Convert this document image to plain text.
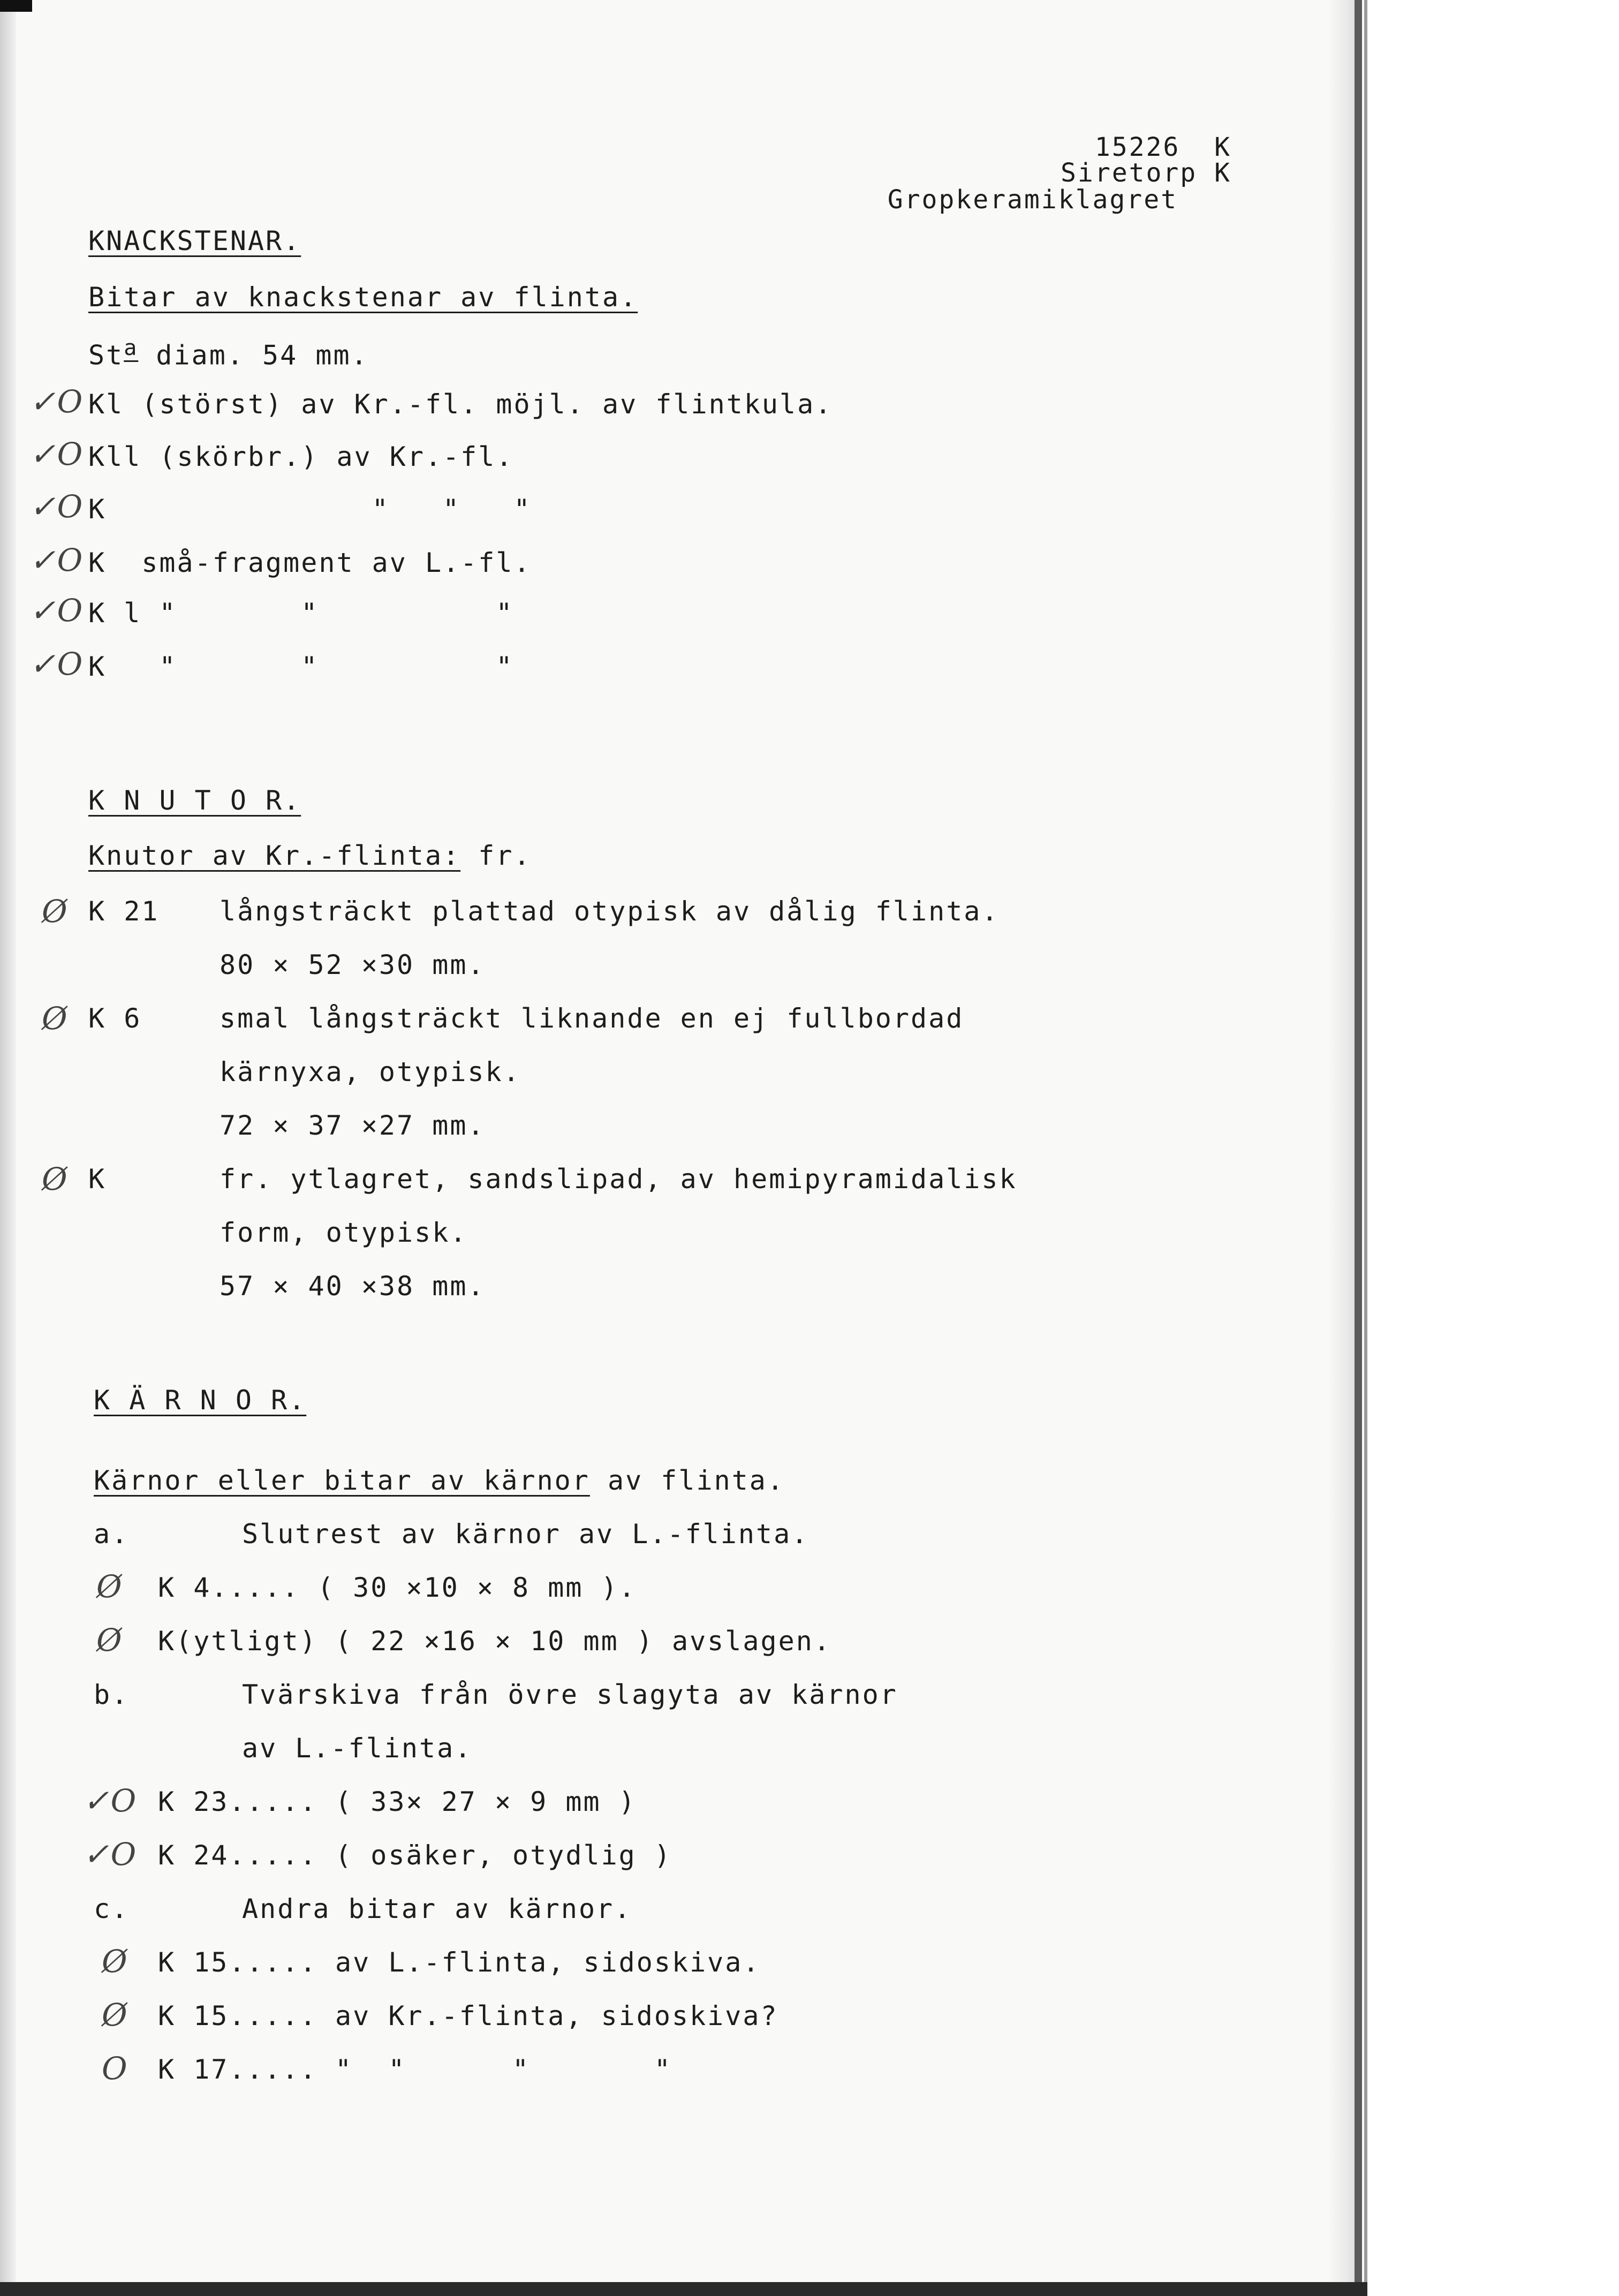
15226  K
Siretorp K
Gropkeramiklagret
KNACKSTENAR.
Bitar av knackstenar av flinta.
St$^a$ diam. 54 mm.
✓O Kl (störst) av Kr.-fl. möjl. av flintkula.
✓O Kll (skörbr.) av Kr.-fl.
✓O K               "   "   "
✓O K små-fragment av L.-fl.
✓O K l "       "          "
✓O K   "       "          "
K N U T O R.
Knutor av Kr.-flinta: fr.
Ø K 21 långsträckt plattad otypisk av dålig flinta.
80 × 52 ×30 mm.
Ø K 6	smal långsträckt liknande en ej fullbordad
kärnyxa, otypisk.
72 × 37 ×27 mm.
Ø K	fr. ytlagret, sandslipad, av hemipyramidalisk
form, otypisk.
57 × 40 ×38 mm.
K Ä R N O R.
Kärnor eller bitar av kärnor av flinta.
a.	Slutrest av kärnor av L.-flinta.
Ø K 4..... ( 30 ×10 × 8 mm ).
Ø K(ytligt) ( 22 ×16 × 10 mm ) avslagen.
b.	Tvärskiva från övre slagyta av kärnor
av L.-flinta.
✓O K 23..... ( 33× 27 × 9 mm )
✓O K 24..... ( osäker, otydlig )
c.	Andra bitar av kärnor.
Ø K 15..... av L.-flinta, sidoskiva.
Ø K 15..... av Kr.-flinta, sidoskiva?
O K 17..... "  "      "       "
